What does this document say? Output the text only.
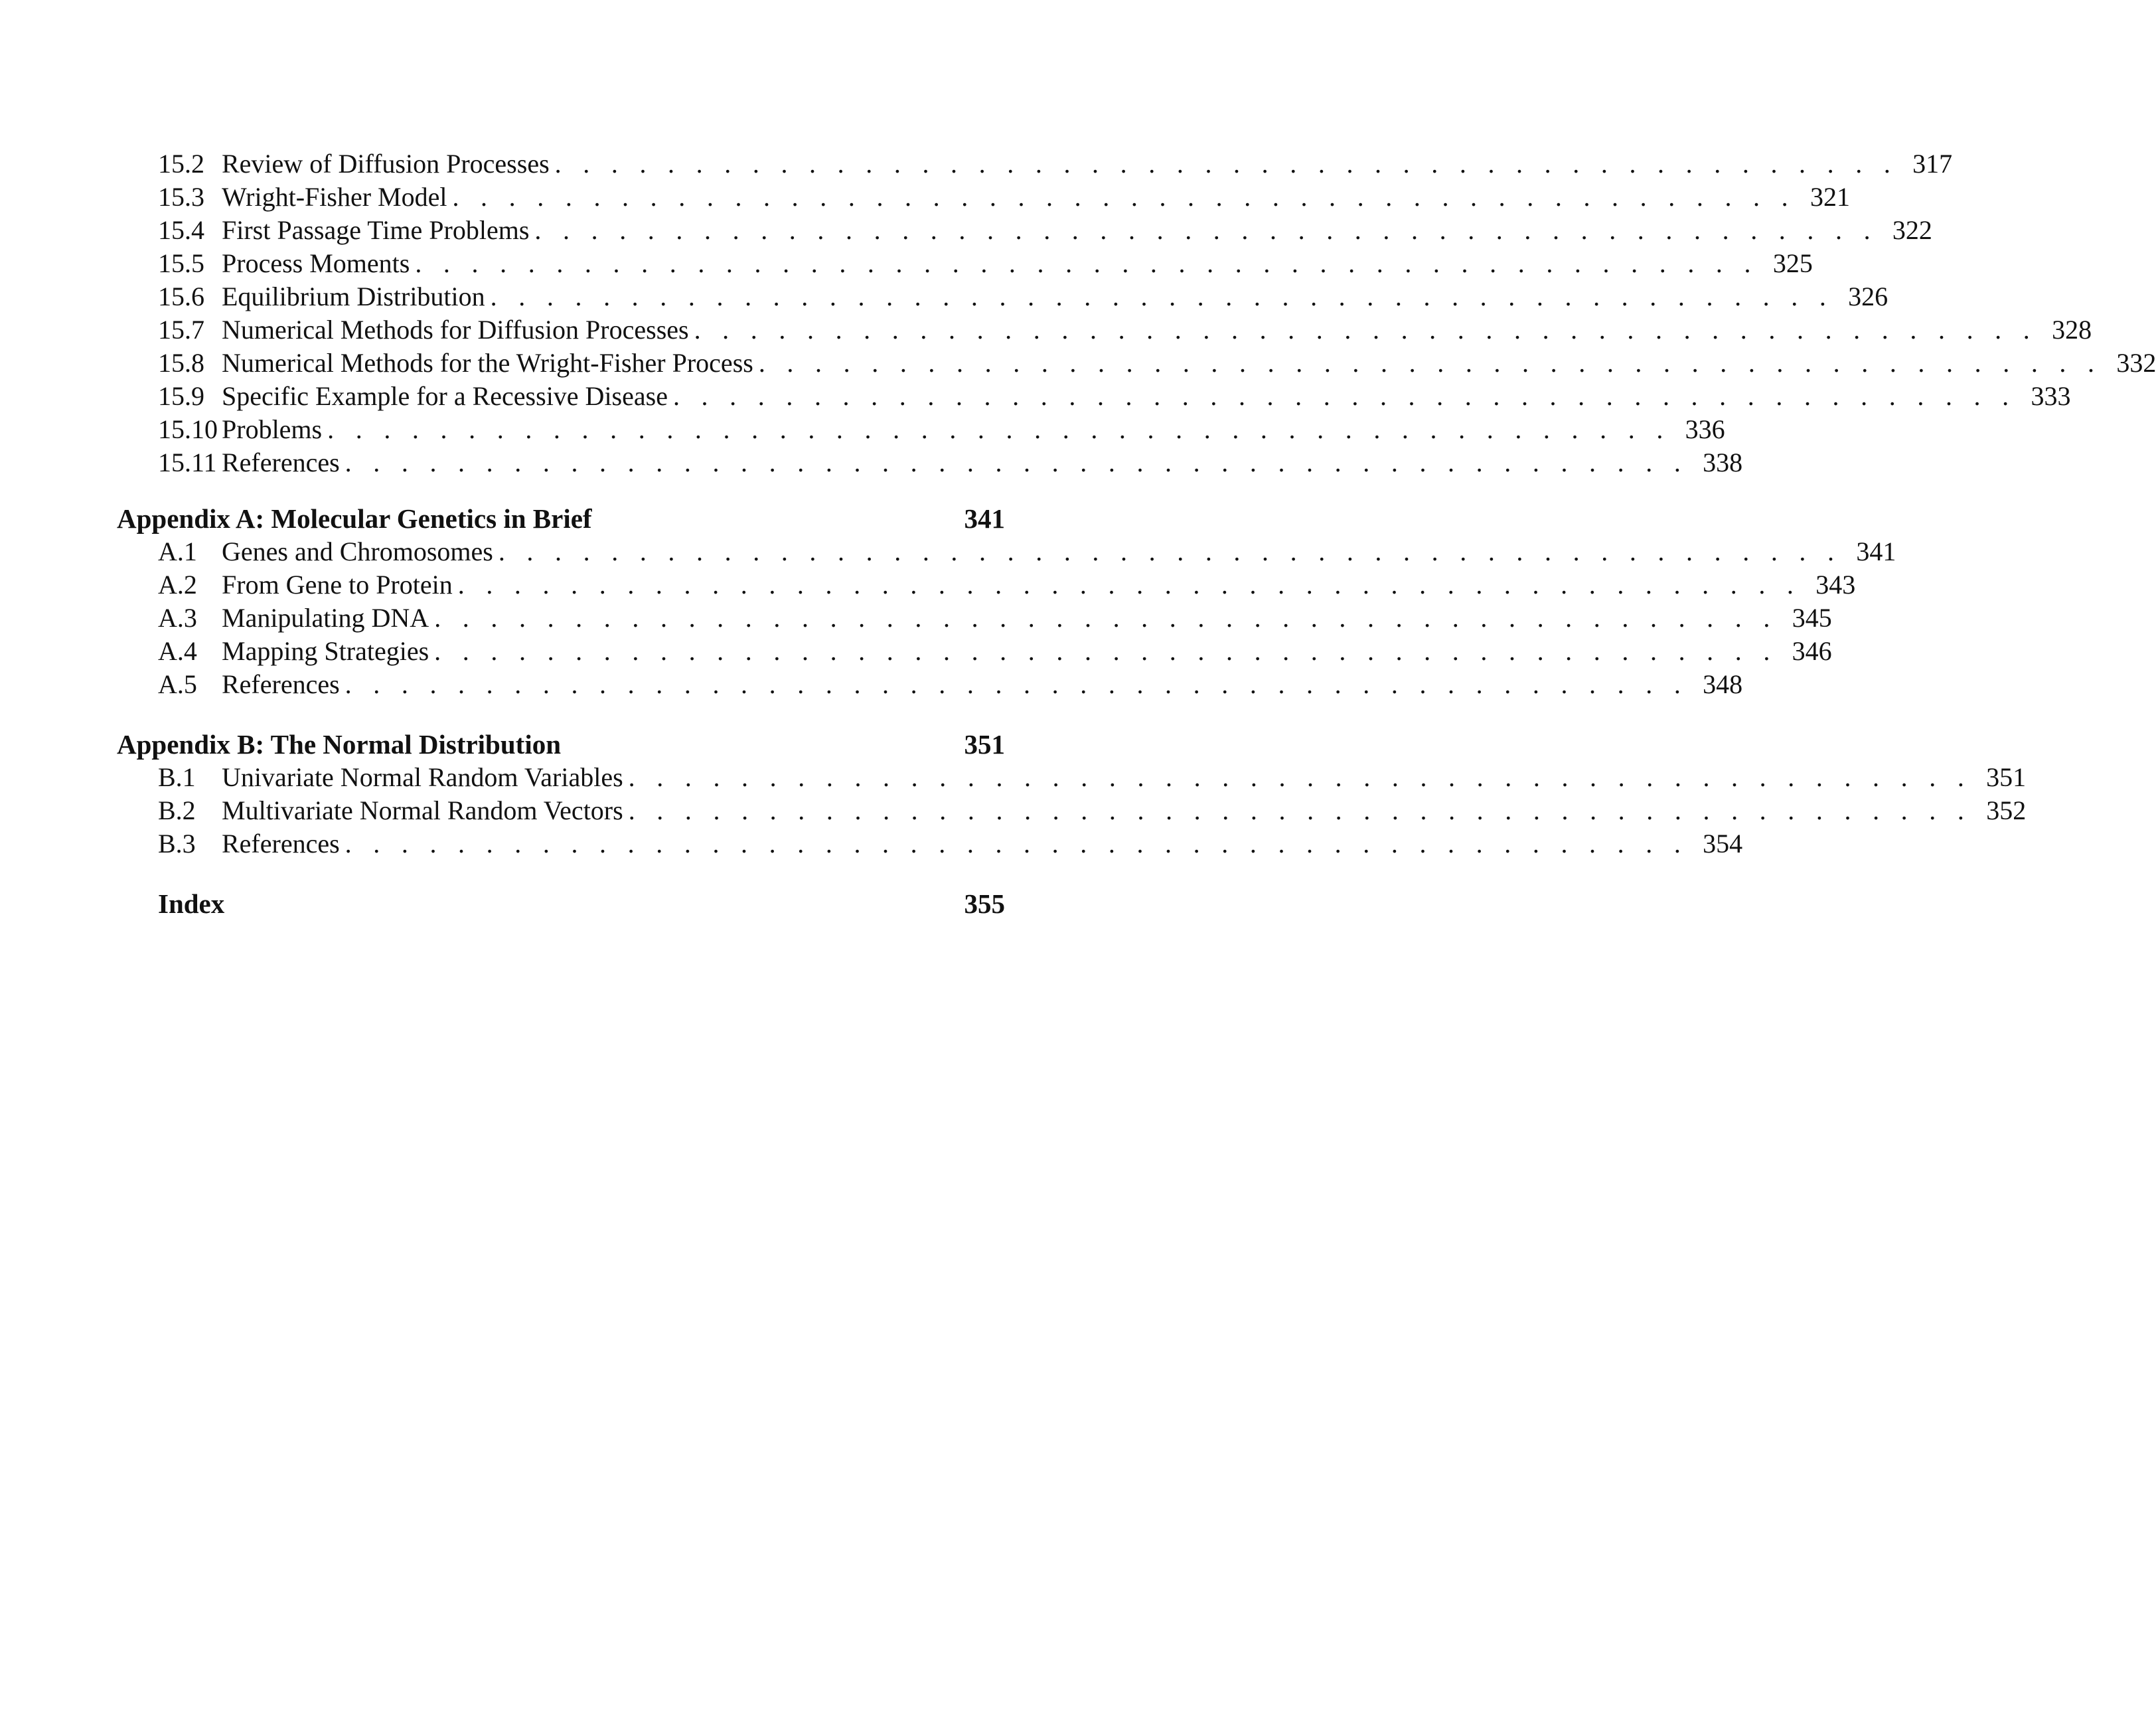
15.2 Review of Diffusion Processes . . . . . . . . . . . . . . . . . . . . . . . . . . . . . . . . . . . . . . . . . . . . . . . . 317
15.3 Wright-Fisher Model . . . . . . . . . . . . . . . . . . . . . . . . . . . . . . . . . . . . . . . . . . . . . . . . 321
15.4 First Passage Time Problems . . . . . . . . . . . . . . . . . . . . . . . . . . . . . . . . . . . . . . . . . . . . . . . . 322
15.5 Process Moments . . . . . . . . . . . . . . . . . . . . . . . . . . . . . . . . . . . . . . . . . . . . . . . . 325
15.6 Equilibrium Distribution . . . . . . . . . . . . . . . . . . . . . . . . . . . . . . . . . . . . . . . . . . . . . . . . 326
15.7 Numerical Methods for Diffusion Processes . . . . . . . . . . . . . . . . . . . . . . . . . . . . . . . . . . . . . . . . . . . . . . . . 328
15.8 Numerical Methods for the Wright-Fisher Process . . . . . . . . . . . . . . . . . . . . . . . . . . . . . . . . . . . . . . . . . . . . . . . . 332
15.9 Specific Example for a Recessive Disease . . . . . . . . . . . . . . . . . . . . . . . . . . . . . . . . . . . . . . . . . . . . . . . . 333
15.10 Problems . . . . . . . . . . . . . . . . . . . . . . . . . . . . . . . . . . . . . . . . . . . . . . . . 336
15.11 References . . . . . . . . . . . . . . . . . . . . . . . . . . . . . . . . . . . . . . . . . . . . . . . . 338
Appendix A: Molecular Genetics in Brief	341
A.1 Genes and Chromosomes . . . . . . . . . . . . . . . . . . . . . . . . . . . . . . . . . . . . . . . . . . . . . . . . 341
A.2 From Gene to Protein . . . . . . . . . . . . . . . . . . . . . . . . . . . . . . . . . . . . . . . . . . . . . . . . 343
A.3 Manipulating DNA . . . . . . . . . . . . . . . . . . . . . . . . . . . . . . . . . . . . . . . . . . . . . . . . 345
A.4 Mapping Strategies . . . . . . . . . . . . . . . . . . . . . . . . . . . . . . . . . . . . . . . . . . . . . . . . 346
A.5 References . . . . . . . . . . . . . . . . . . . . . . . . . . . . . . . . . . . . . . . . . . . . . . . . 348
Appendix B: The Normal Distribution	351
B.1 Univariate Normal Random Variables . . . . . . . . . . . . . . . . . . . . . . . . . . . . . . . . . . . . . . . . . . . . . . . . 351
B.2 Multivariate Normal Random Vectors . . . . . . . . . . . . . . . . . . . . . . . . . . . . . . . . . . . . . . . . . . . . . . . . 352
B.3 References . . . . . . . . . . . . . . . . . . . . . . . . . . . . . . . . . . . . . . . . . . . . . . . . 354
Index	355
